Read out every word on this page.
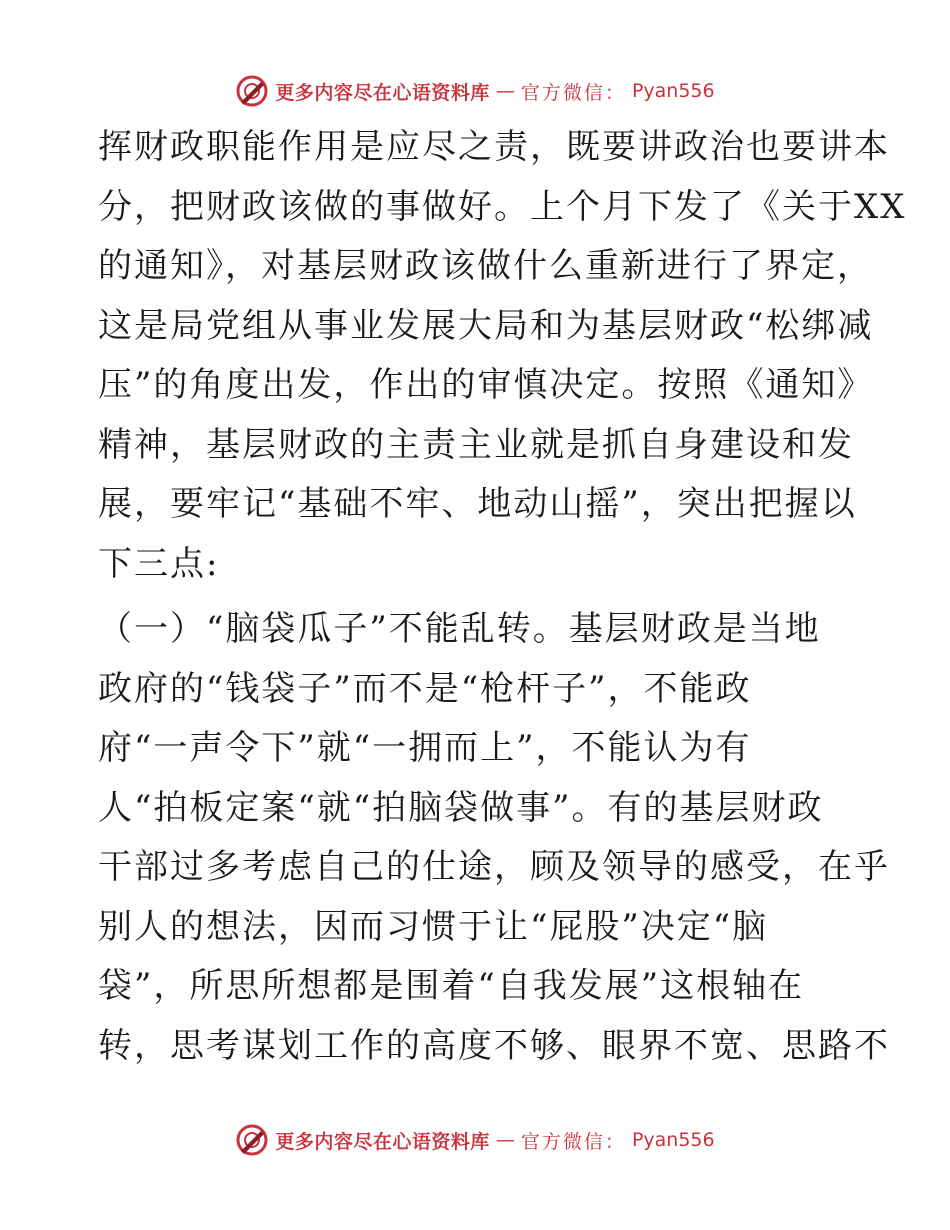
更多内容尽在心语资料库 — 官方微信： Pyan556
挥财政职能作用是应尽之责，既要讲政治也要讲本
分，把财政该做的事做好。上个月下发了《关于XX
的通知》，对基层财政该做什么重新进行了界定，
这是局党组从事业发展大局和为基层财政“松绑减
压”的角度出发，作出的审慎决定。按照《通知》
精神，基层财政的主责主业就是抓自身建设和发
展，要牢记“基础不牢、地动山摇”，突出把握以
下三点:
（一）“脑袋瓜子”不能乱转。基层财政是当地
政府的“钱袋子”而不是“枪杆子”，不能政
府“一声令下”就“一拥而上”，不能认为有
人“拍板定案“就“拍脑袋做事”。有的基层财政
干部过多考虑自己的仕途，顾及领导的感受，在乎
别人的想法，因而习惯于让“屁股”决定“脑
袋”，所思所想都是围着“自我发展”这根轴在
转，思考谋划工作的高度不够、眼界不宽、思路不
更多内容尽在心语资料库 — 官方微信： Pyan556
